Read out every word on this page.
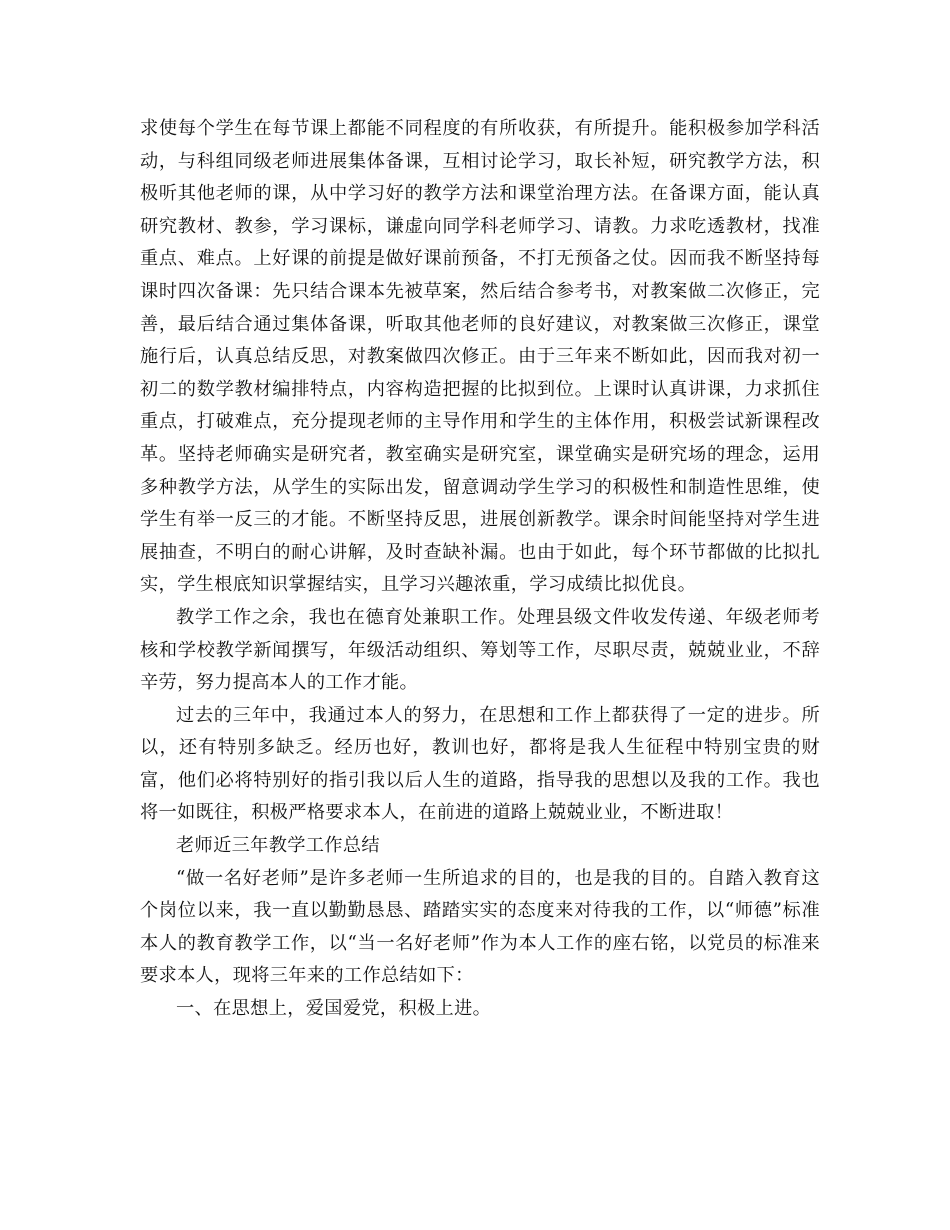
求使每个学生在每节课上都能不同程度的有所收获，有所提升。能积极参加学科活动，与科组同级老师进展集体备课，互相讨论学习，取长补短，研究教学方法，积极听其他老师的课，从中学习好的教学方法和课堂治理方法。在备课方面，能认真研究教材、教参，学习课标，谦虚向同学科老师学习、请教。力求吃透教材，找准重点、难点。上好课的前提是做好课前预备，不打无预备之仗。因而我不断坚持每课时四次备课：先只结合课本先被草案，然后结合参考书，对教案做二次修正，完善，最后结合通过集体备课，听取其他老师的良好建议，对教案做三次修正，课堂施行后，认真总结反思，对教案做四次修正。由于三年来不断如此，因而我对初一初二的数学教材编排特点，内容构造把握的比拟到位。上课时认真讲课，力求抓住重点，打破难点，充分提现老师的主导作用和学生的主体作用，积极尝试新课程改革。坚持老师确实是研究者，教室确实是研究室，课堂确实是研究场的理念，运用多种教学方法，从学生的实际出发，留意调动学生学习的积极性和制造性思维，使学生有举一反三的才能。不断坚持反思，进展创新教学。课余时间能坚持对学生进展抽查，不明白的耐心讲解，及时查缺补漏。也由于如此，每个环节都做的比拟扎实，学生根底知识掌握结实，且学习兴趣浓重，学习成绩比拟优良。

教学工作之余，我也在德育处兼职工作。处理县级文件收发传递、年级老师考核和学校教学新闻撰写，年级活动组织、筹划等工作，尽职尽责，兢兢业业，不辞辛劳，努力提高本人的工作才能。

过去的三年中，我通过本人的努力，在思想和工作上都获得了一定的进步。所以，还有特别多缺乏。经历也好，教训也好，都将是我人生征程中特别宝贵的财富，他们必将特别好的指引我以后人生的道路，指导我的思想以及我的工作。我也将一如既往，积极严格要求本人，在前进的道路上兢兢业业，不断进取！

老师近三年教学工作总结

“做一名好老师”是许多老师一生所追求的目的，也是我的目的。自踏入教育这个岗位以来，我一直以勤勤恳恳、踏踏实实的态度来对待我的工作，以“师德”标准本人的教育教学工作，以“当一名好老师”作为本人工作的座右铭，以党员的标准来要求本人，现将三年来的工作总结如下：

一、在思想上，爱国爱党，积极上进。
